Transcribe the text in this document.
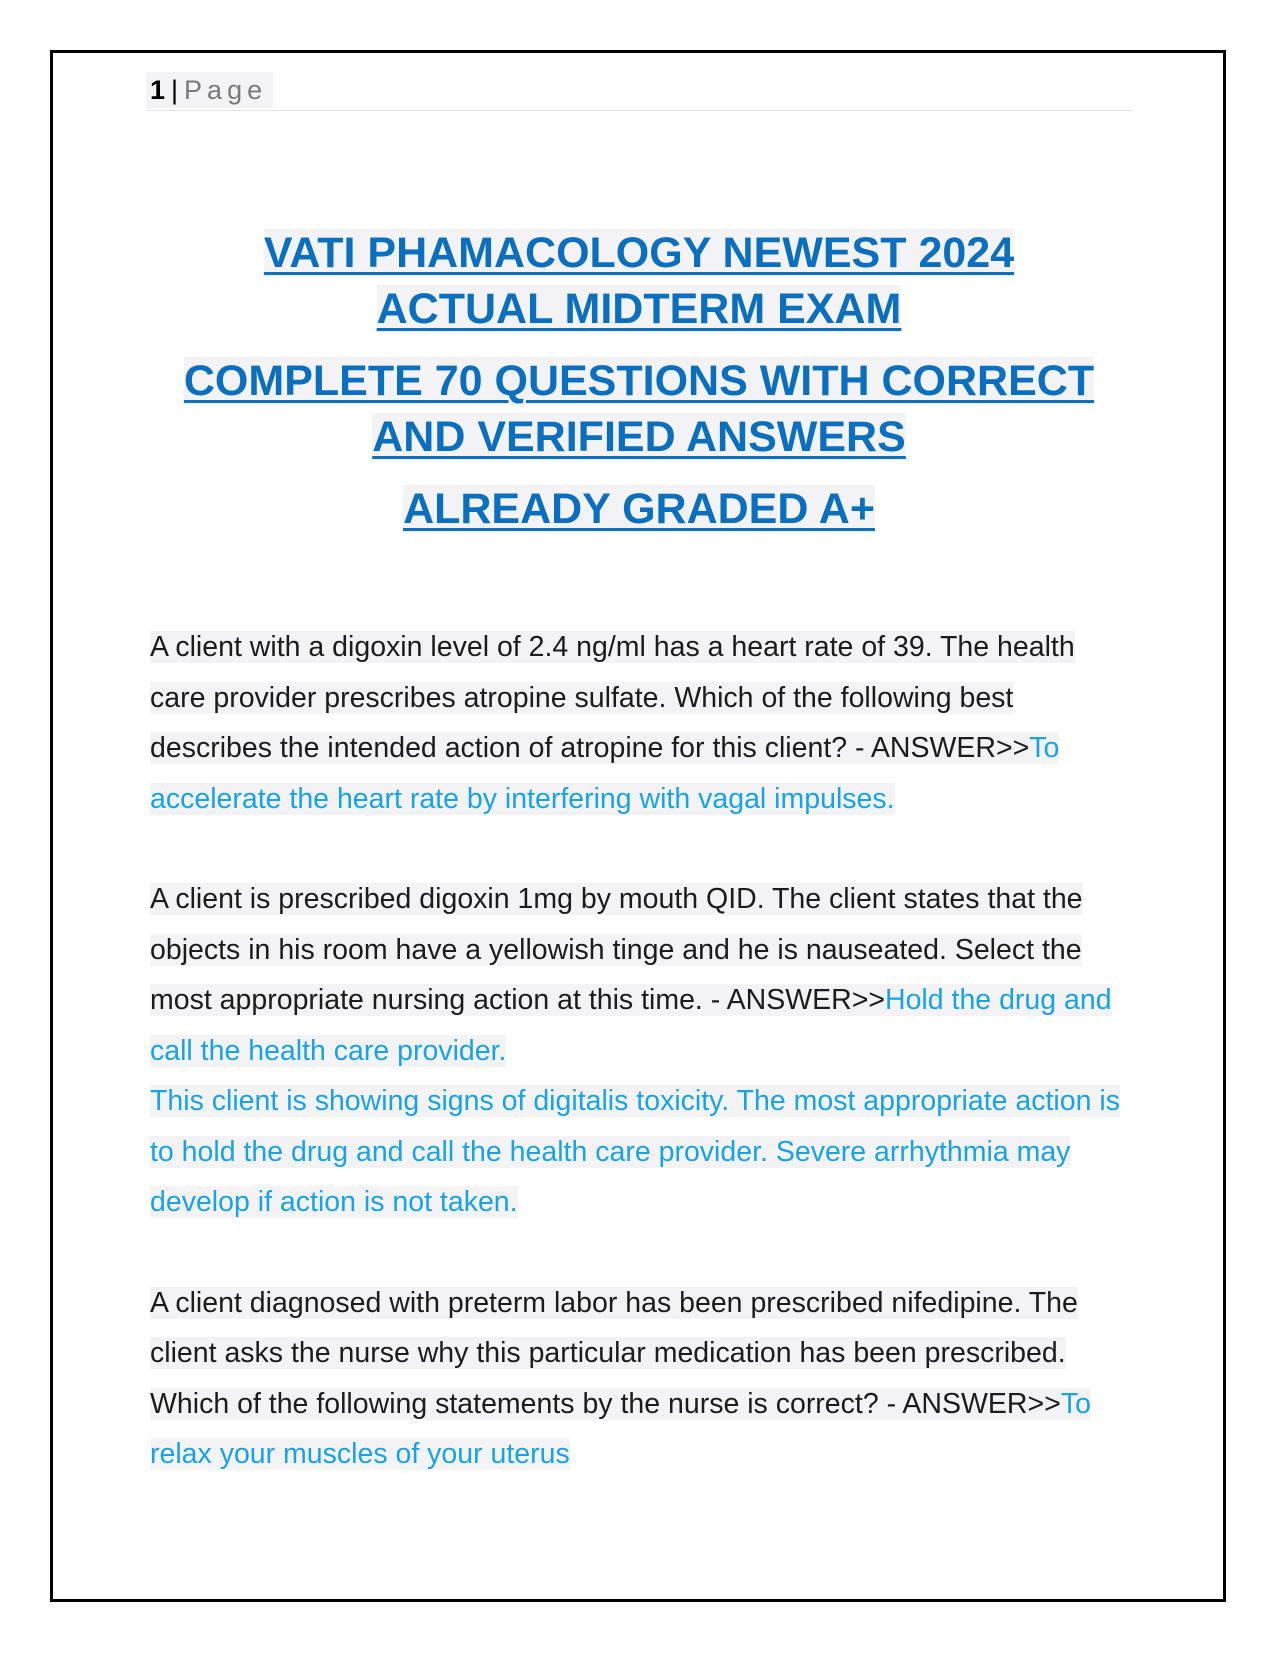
1 | Page
VATI PHAMACOLOGY NEWEST 2024
ACTUAL MIDTERM EXAM
COMPLETE 70 QUESTIONS WITH CORRECT
AND VERIFIED ANSWERS
ALREADY GRADED A+

A client with a digoxin level of 2.4 ng/ml has a heart rate of 39. The health care provider prescribes atropine sulfate. Which of the following best describes the intended action of atropine for this client? - ANSWER>>To accelerate the heart rate by interfering with vagal impulses.

A client is prescribed digoxin 1mg by mouth QID. The client states that the objects in his room have a yellowish tinge and he is nauseated. Select the most appropriate nursing action at this time. - ANSWER>>Hold the drug and call the health care provider.
This client is showing signs of digitalis toxicity. The most appropriate action is to hold the drug and call the health care provider. Severe arrhythmia may develop if action is not taken.

A client diagnosed with preterm labor has been prescribed nifedipine. The client asks the nurse why this particular medication has been prescribed. Which of the following statements by the nurse is correct? - ANSWER>>To relax your muscles of your uterus
